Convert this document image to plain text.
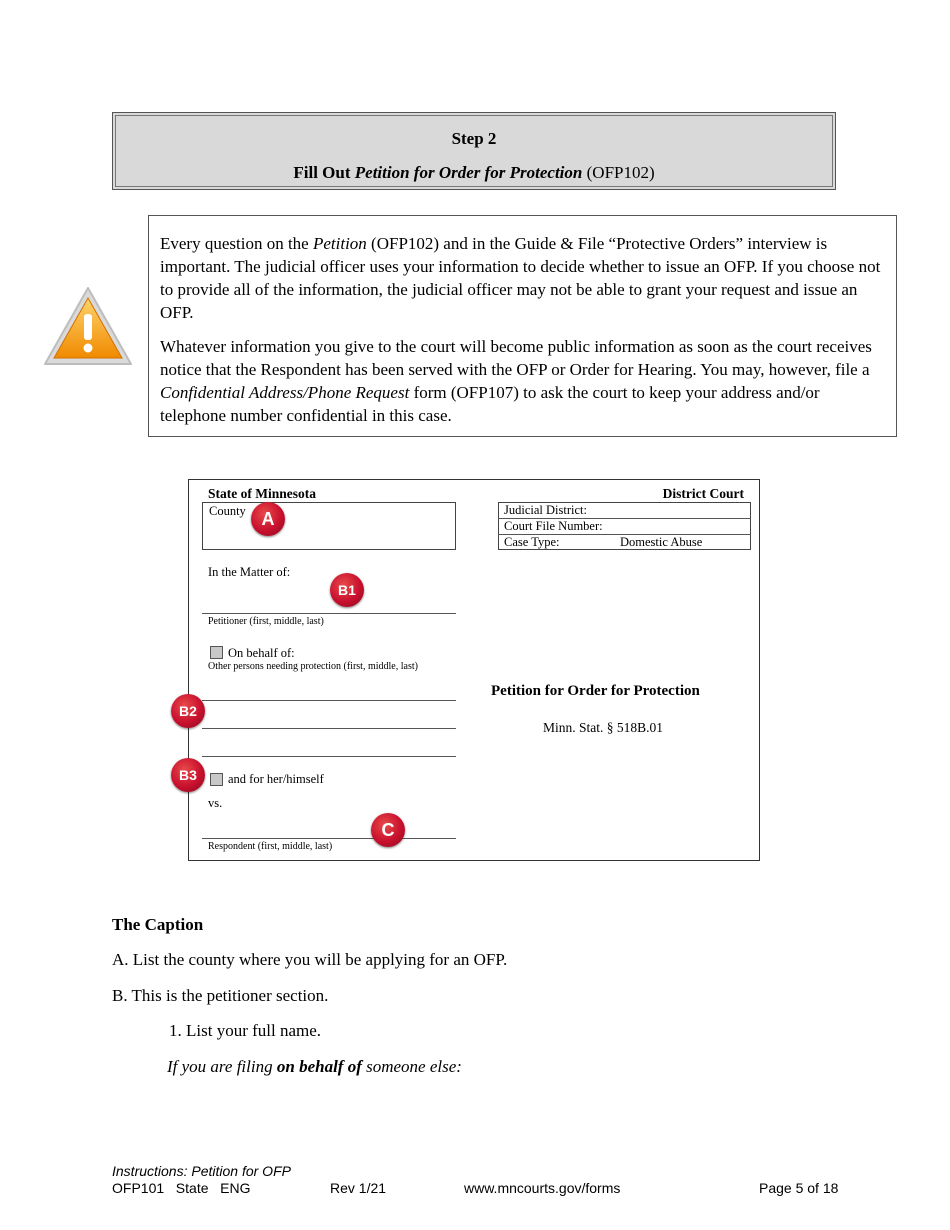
Step 2
Fill Out Petition for Order for Protection (OFP102)

Every question on the Petition (OFP102) and in the Guide & File “Protective Orders” interview is important. The judicial officer uses your information to decide whether to issue an OFP. If you choose not to provide all of the information, the judicial officer may not be able to grant your request and issue an OFP.

Whatever information you give to the court will become public information as soon as the court receives notice that the Respondent has been served with the OFP or Order for Hearing. You may, however, file a Confidential Address/Phone Request form (OFP107) to ask the court to keep your address and/or telephone number confidential in this case.

State of Minnesota	District Court
County	Judicial District:
Court File Number:
Case Type:	Domestic Abuse
In the Matter of:
Petitioner (first, middle, last)
On behalf of:
Other persons needing protection (first, middle, last)
and for her/himself
vs.
Respondent (first, middle, last)
Petition for Order for Protection
Minn. Stat. § 518B.01
A
B1
B2
B3
C
The Caption
A. List the county where you will be applying for an OFP.
B. This is the petitioner section.
1. List your full name.
If you are filing on behalf of someone else:
Instructions: Petition for OFP
OFP101   State   ENG	Rev 1/21	www.mncourts.gov/forms	Page 5 of 18
